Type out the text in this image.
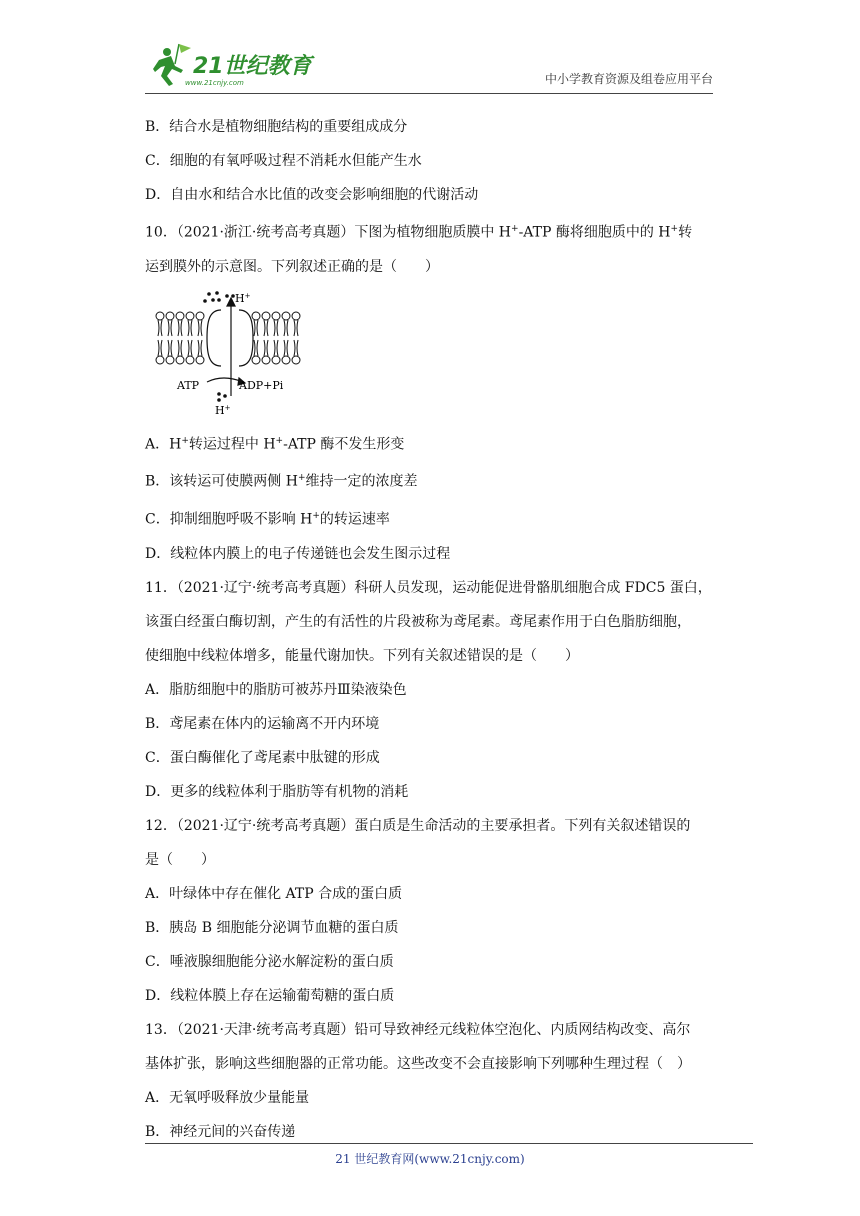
21世纪教育
www.21cnjy.com	中小学教育资源及组卷应用平台

B．结合水是植物细胞结构的重要组成成分

C．细胞的有氧呼吸过程不消耗水但能产生水

D．自由水和结合水比值的改变会影响细胞的代谢活动

10．（2021·浙江·统考高考真题）下图为植物细胞质膜中 H+-ATP 酶将细胞质中的 H+转

运到膜外的示意图。下列叙述正确的是（　　）

H+
ATP	ADP+Pi
H+

A．H+转运过程中 H+-ATP 酶不发生形变

B．该转运可使膜两侧 H+维持一定的浓度差

C．抑制细胞呼吸不影响 H+的转运速率

D．线粒体内膜上的电子传递链也会发生图示过程

11．（2021·辽宁·统考高考真题）科研人员发现，运动能促进骨骼肌细胞合成 FDC5 蛋白，

该蛋白经蛋白酶切割，产生的有活性的片段被称为鸢尾素。鸢尾素作用于白色脂肪细胞，

使细胞中线粒体增多，能量代谢加快。下列有关叙述错误的是（　　）

A．脂肪细胞中的脂肪可被苏丹Ⅲ染液染色

B．鸢尾素在体内的运输离不开内环境

C．蛋白酶催化了鸢尾素中肽键的形成

D．更多的线粒体利于脂肪等有机物的消耗

12．（2021·辽宁·统考高考真题）蛋白质是生命活动的主要承担者。下列有关叙述错误的

是（　　）

A．叶绿体中存在催化 ATP 合成的蛋白质

B．胰岛 B 细胞能分泌调节血糖的蛋白质

C．唾液腺细胞能分泌水解淀粉的蛋白质

D．线粒体膜上存在运输葡萄糖的蛋白质

13．（2021·天津·统考高考真题）铅可导致神经元线粒体空泡化、内质网结构改变、高尔

基体扩张，影响这些细胞器的正常功能。这些改变不会直接影响下列哪种生理过程（　）

A．无氧呼吸释放少量能量

B．神经元间的兴奋传递

21 世纪教育网(www.21cnjy.com)
